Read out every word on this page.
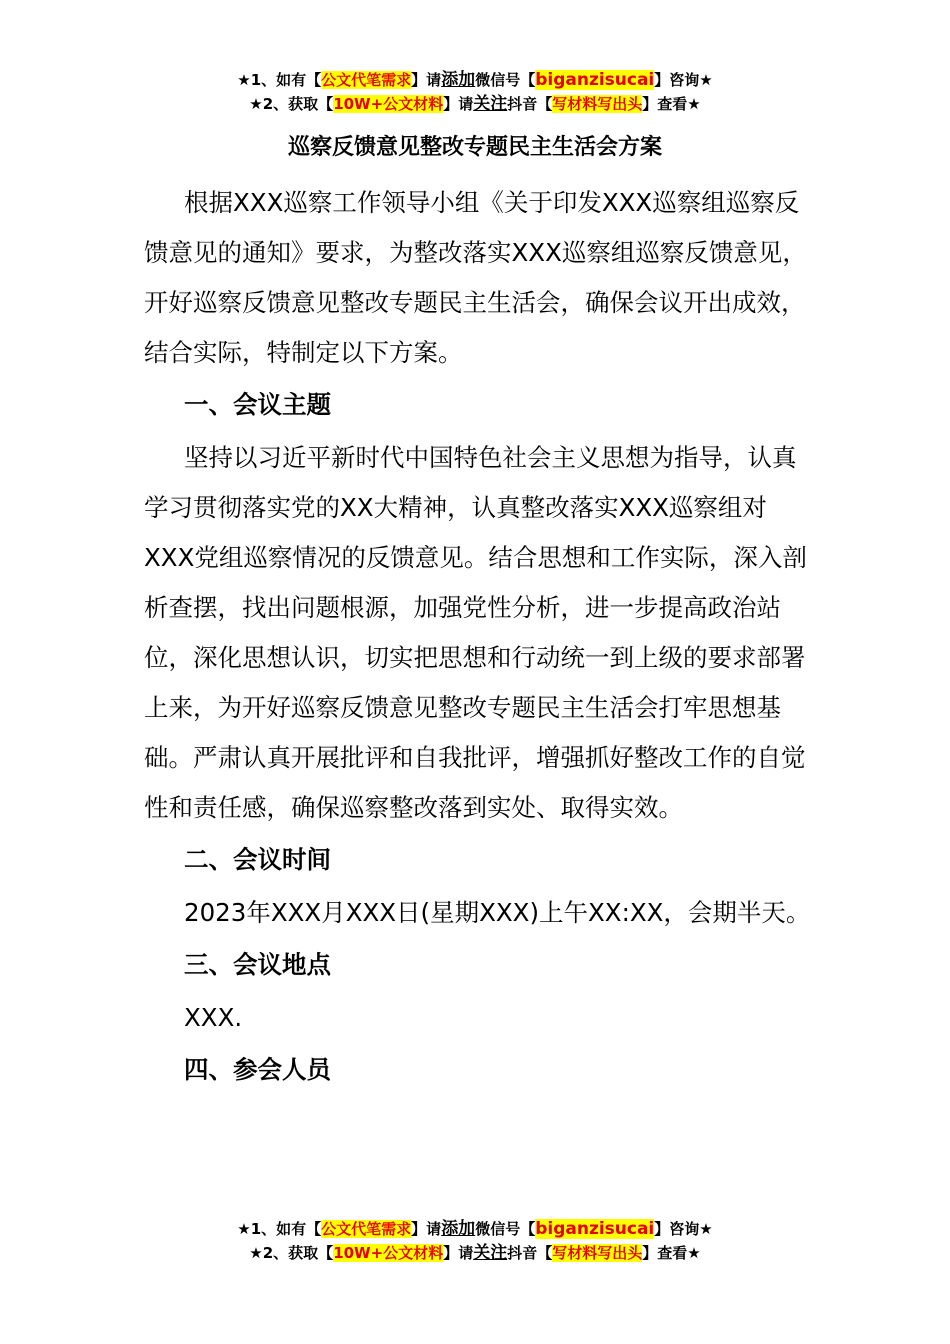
★1、如有【公文代笔需求】请添加微信号【biganzisucai】咨询★
★2、获取【10W+公文材料】请关注抖音【写材料写出头】查看★
巡察反馈意见整改专题民主生活会方案

根据XXX巡察工作领导小组《关于印发XXX巡察组巡察反馈意见的通知》要求，为整改落实XXX巡察组巡察反馈意见，开好巡察反馈意见整改专题民主生活会，确保会议开出成效，结合实际，特制定以下方案。

一、会议主题

坚持以习近平新时代中国特色社会主义思想为指导，认真学习贯彻落实党的XX大精神，认真整改落实XXX巡察组对XXX党组巡察情况的反馈意见。结合思想和工作实际，深入剖析查摆，找出问题根源，加强党性分析，进一步提高政治站位，深化思想认识，切实把思想和行动统一到上级的要求部署上来，为开好巡察反馈意见整改专题民主生活会打牢思想基础。严肃认真开展批评和自我批评，增强抓好整改工作的自觉性和责任感，确保巡察整改落到实处、取得实效。

二、会议时间

2023年XXX月XXX日(星期XXX)上午XX:XX，会期半天。

三、会议地点

XXX.

四、参会人员
★1、如有【公文代笔需求】请添加微信号【biganzisucai】咨询★
★2、获取【10W+公文材料】请关注抖音【写材料写出头】查看★
